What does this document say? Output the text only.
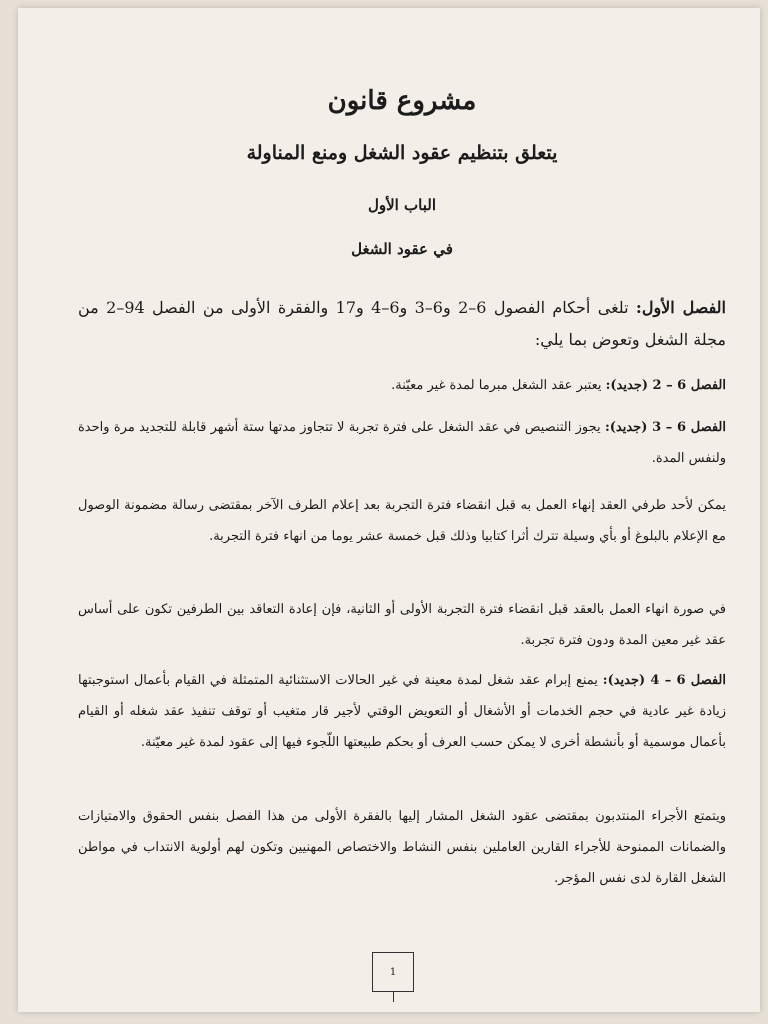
مشروع قانون
يتعلق بتنظيم عقود الشغل ومنع المناولة
الباب الأول
في عقود الشغل

الفصل الأول: تلغى أحكام الفصول 6–2 و6–3 و6–4 و17 والفقرة الأولى من الفصل 94–2 من مجلة الشغل وتعوض بما يلي:

الفصل 6 – 2 (جديد): يعتبر عقد الشغل مبرما لمدة غير معيّنة.

الفصل 6 – 3 (جديد): يجوز التنصيص في عقد الشغل على فترة تجربة لا تتجاوز مدتها ستة أشهر قابلة للتجديد مرة واحدة ولنفس المدة.

يمكن لأحد طرفي العقد إنهاء العمل به قبل انقضاء فترة التجربة بعد إعلام الطرف الآخر بمقتضى رسالة مضمونة الوصول مع الإعلام بالبلوغ أو بأي وسيلة تترك أثرا كتابيا وذلك قبل خمسة عشر يوما من انهاء فترة التجربة.

في صورة انهاء العمل بالعقد قبل انقضاء فترة التجربة الأولى أو الثانية، فإن إعادة التعاقد بين الطرفين تكون على أساس عقد غير معين المدة ودون فترة تجربة.

الفصل 6 – 4 (جديد): يمنع إبرام عقد شغل لمدة معينة في غير الحالات الاستثنائية المتمثلة في القيام بأعمال استوجبتها زيادة غير عادية في حجم الخدمات أو الأشغال أو التعويض الوقتي لأجير قار متغيب أو توقف تنفيذ عقد شغله أو القيام بأعمال موسمية أو بأنشطة أخرى لا يمكن حسب العرف أو بحكم طبيعتها اللّجوء فيها إلى عقود لمدة غير معيّنة.

ويتمتع الأجراء المنتدبون بمقتضى عقود الشغل المشار إليها بالفقرة الأولى من هذا الفصل بنفس الحقوق والامتيازات والضمانات الممنوحة للأجراء القارين العاملين بنفس النشاط والاختصاص المهنيين وتكون لهم أولوية الانتداب في مواطن الشغل القارة لدى نفس المؤجر.

1
